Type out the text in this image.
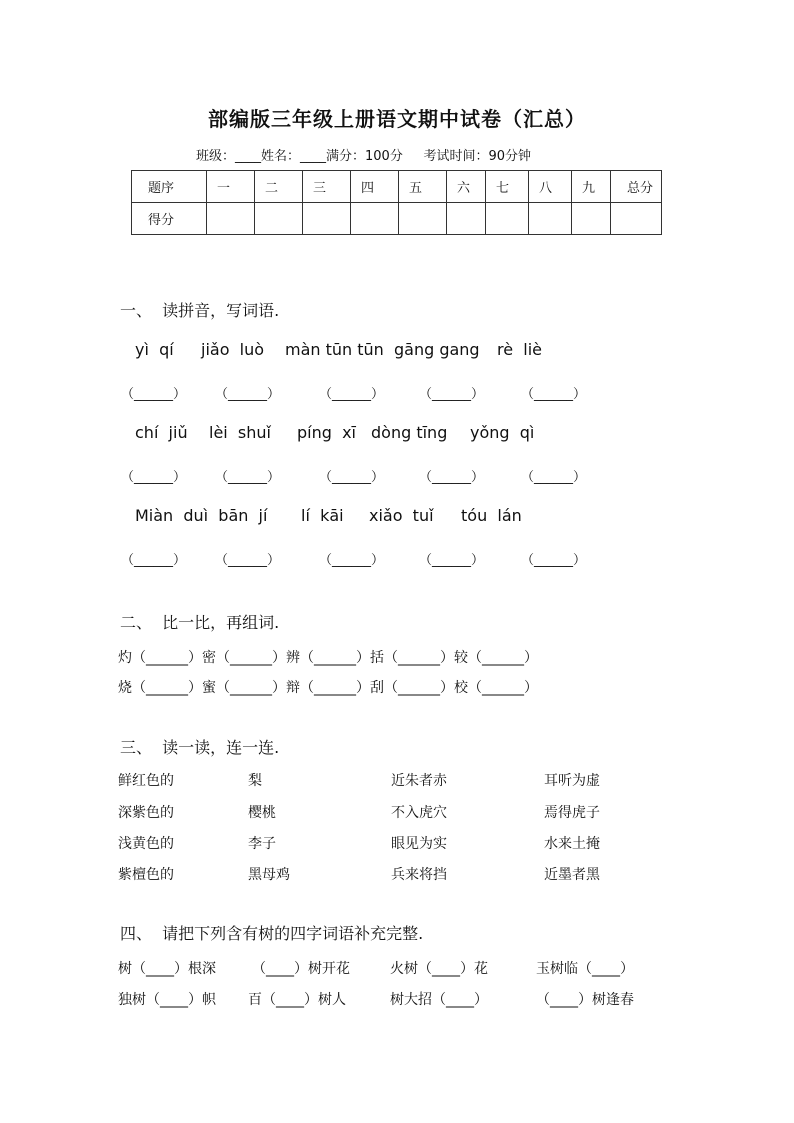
部编版三年级上册语文期中试卷（汇总）
班级：____姓名：____满分：100分     考试时间：90分钟
题序	一	二	三	四	五	六	七	八	九	总分
得分										
一、  读拼音，写词语.
yì  qí jiǎo  luò màn tūn tūn  gāng gang rè  liè
（______） （______）	（______）	（______）	（______）
chí  jiǔ lèi  shuǐ píng  xī dòng tīng yǒng  qì
（______） （______）	（______）	（______）	（______）
Miàn  duì  bān  jí lí  kāi xiǎo  tuǐ tóu  lán
（______） （______）	（______）	（______）	（______）
二、  比一比，再组词.
灼（______）密（______）辨（______）括（______）较（______）
烧（______）蜜（______）辩（______）刮（______）校（______）
三、  读一读，连一连.
鲜红色的	梨	近朱者赤	耳听为虚
深紫色的	樱桃	不入虎穴	焉得虎子
浅黄色的	李子	眼见为实	水来土掩
紫檀色的	黑母鸡	兵来将挡	近墨者黑
四、  请把下列含有树的四字词语补充完整.
树（____）根深	（____）树开花	火树（____）花	玉树临（____）
独树（____）帜 百（____）树人	树大招（____）	（____）树逢春
